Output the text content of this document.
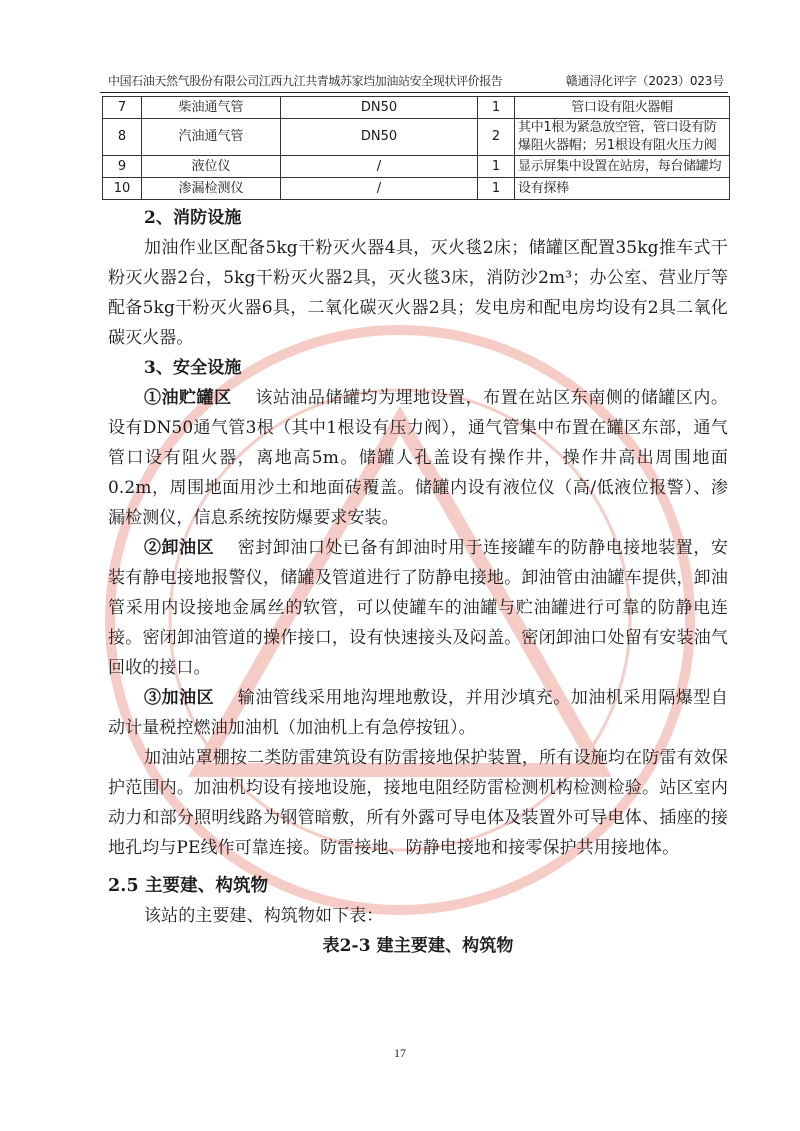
中国石油天然气股份有限公司江西九江共青城苏家垱加油站安全现状评价报告	赣通浔化评字（2023）023号
7	柴油通气管	DN50	1	管口设有阻火器帽
8	汽油通气管	DN50	2	其中1根为紧急放空管，管口设有防爆阻火器帽；另1根设有阻火压力阀
9	液位仪	/	1	显示屏集中设置在站房，每台储罐均
10	渗漏检测仪	/	1	设有探棒

2、消防设施

加油作业区配备5kg干粉灭火器4具，灭火毯2床；储罐区配置35kg推车式干粉灭火器2台，5kg干粉灭火器2具，灭火毯3床，消防沙2m³；办公室、营业厅等配备5kg干粉灭火器6具，二氧化碳灭火器2具；发电房和配电房均设有2具二氧化碳灭火器。

3、安全设施

①油贮罐区 该站油品储罐均为埋地设置，布置在站区东南侧的储罐区内。设有DN50通气管3根（其中1根设有压力阀），通气管集中布置在罐区东部，通气管口设有阻火器，离地高5m。储罐人孔盖设有操作井，操作井高出周围地面0.2m，周围地面用沙土和地面砖覆盖。储罐内设有液位仪（高/低液位报警）、渗漏检测仪，信息系统按防爆要求安装。

②卸油区 密封卸油口处已备有卸油时用于连接罐车的防静电接地装置，安装有静电接地报警仪，储罐及管道进行了防静电接地。卸油管由油罐车提供，卸油管采用内设接地金属丝的软管，可以使罐车的油罐与贮油罐进行可靠的防静电连接。密闭卸油管道的操作接口，设有快速接头及闷盖。密闭卸油口处留有安装油气回收的接口。

③加油区 输油管线采用地沟埋地敷设，并用沙填充。加油机采用隔爆型自动计量税控燃油加油机（加油机上有急停按钮）。

加油站罩棚按二类防雷建筑设有防雷接地保护装置，所有设施均在防雷有效保护范围内。加油机均设有接地设施，接地电阻经防雷检测机构检测检验。站区室内动力和部分照明线路为钢管暗敷，所有外露可导电体及装置外可导电体、插座的接地孔均与PE线作可靠连接。防雷接地、防静电接地和接零保护共用接地体。

2.5 主要建、构筑物

该站的主要建、构筑物如下表：

表2-3 建主要建、构筑物

17
